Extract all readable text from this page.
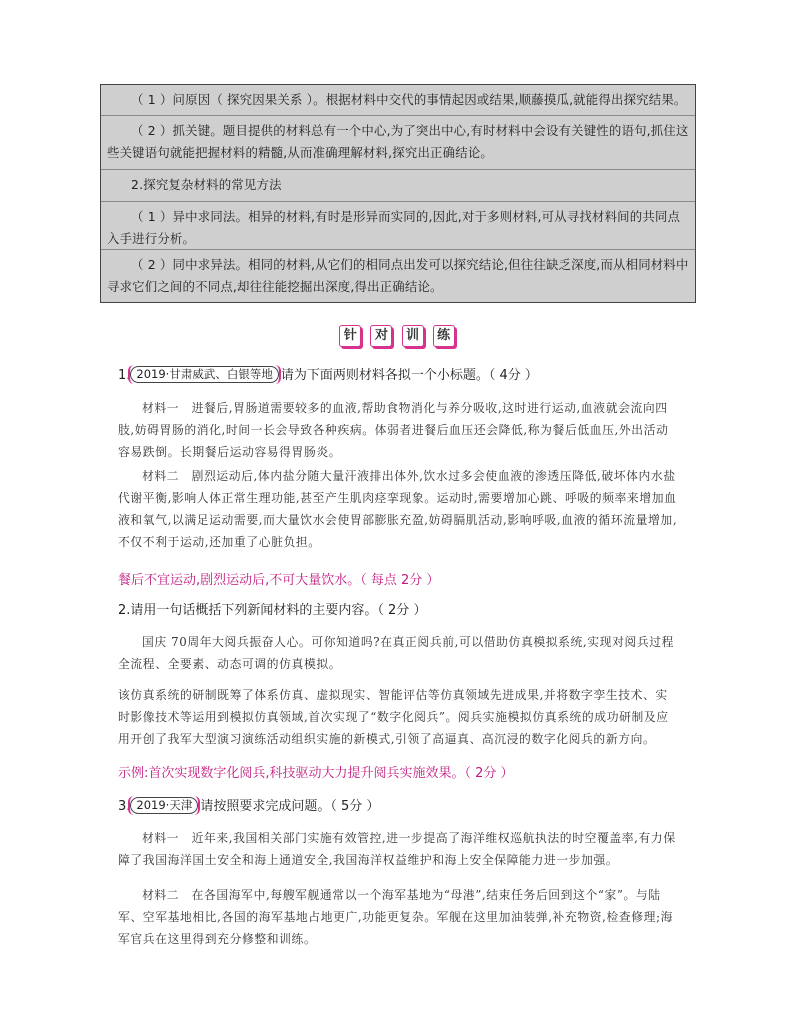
（ 1 ）问原因（ 探究因果关系 ）。根据材料中交代的事情起因或结果,顺藤摸瓜,就能得出探究结果。

（ 2 ）抓关键。题目提供的材料总有一个中心,为了突出中心,有时材料中会设有关键性的语句,抓住这些关键语句就能把握材料的精髓,从而准确理解材料,探究出正确结论。

2.探究复杂材料的常见方法

（ 1 ）异中求同法。相异的材料,有时是形异而实同的,因此,对于多则材料,可从寻找材料间的共同点入手进行分析。

（ 2 ）同中求异法。相同的材料,从它们的相同点出发可以探究结论,但往往缺乏深度,而从相同材料中寻求它们之间的不同点,却往往能挖掘出深度,得出正确结论。

针 对 训 练
1. 2019·甘肃威武、白银等地 请为下面两则材料各拟一个小标题。（ 4分 ）

材料一　进餐后,胃肠道需要较多的血液,帮助食物消化与养分吸收,这时进行运动,血液就会流向四肢,妨碍胃肠的消化,时间一长会导致各种疾病。体弱者进餐后血压还会降低,称为餐后低血压,外出活动容易跌倒。长期餐后运动容易得胃肠炎。

材料二　剧烈运动后,体内盐分随大量汗液排出体外,饮水过多会使血液的渗透压降低,破坏体内水盐代谢平衡,影响人体正常生理功能,甚至产生肌肉痉挛现象。运动时,需要增加心跳、呼吸的频率来增加血液和氧气,以满足运动需要,而大量饮水会使胃部膨胀充盈,妨碍膈肌活动,影响呼吸,血液的循环流量增加,不仅不利于运动,还加重了心脏负担。

餐后不宜运动,剧烈运动后,不可大量饮水。（ 每点 2分 ）
2.请用一句话概括下列新闻材料的主要内容。（ 2分 ）

国庆 70周年大阅兵振奋人心。可你知道吗?在真正阅兵前,可以借助仿真模拟系统,实现对阅兵过程全流程、全要素、动态可调的仿真模拟。

该仿真系统的研制既筹了体系仿真、虚拟现实、智能评估等仿真领域先进成果,并将数字孪生技术、实时影像技术等运用到模拟仿真领域,首次实现了“数字化阅兵”。阅兵实施模拟仿真系统的成功研制及应用开创了我军大型演习演练活动组织实施的新模式,引领了高逼真、高沉浸的数字化阅兵的新方向。

示例:首次实现数字化阅兵,科技驱动大力提升阅兵实施效果。（ 2分 ）
3. 2019·天津 请按照要求完成问题。（ 5分 ）

材料一　近年来,我国相关部门实施有效管控,进一步提高了海洋维权巡航执法的时空覆盖率,有力保障了我国海洋国土安全和海上通道安全,我国海洋权益维护和海上安全保障能力进一步加强。

材料二　在各国海军中,每艘军舰通常以一个海军基地为“母港”,结束任务后回到这个“家”。与陆军、空军基地相比,各国的海军基地占地更广,功能更复杂。军舰在这里加油装弹,补充物资,检查修理;海军官兵在这里得到充分修整和训练。
